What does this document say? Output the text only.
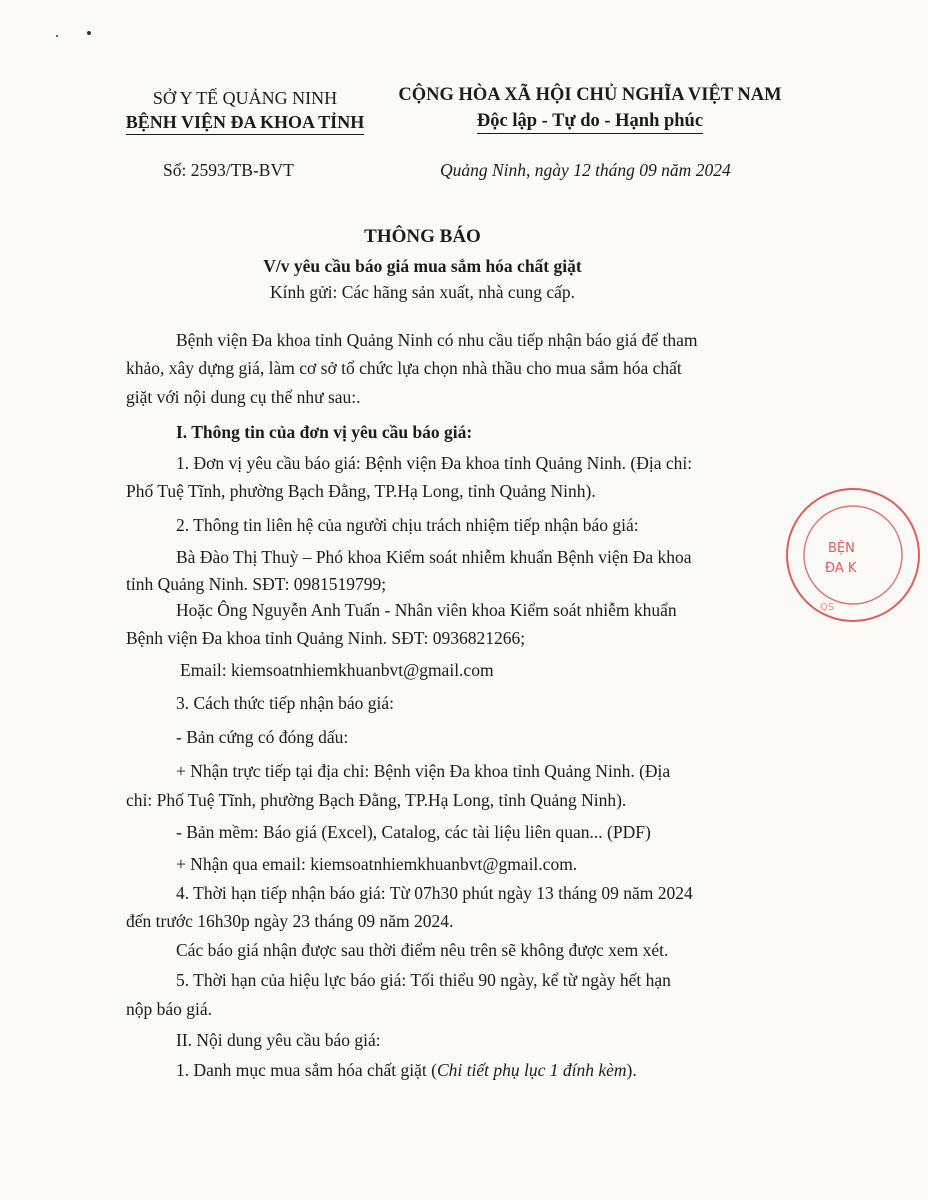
SỞ Y TẾ QUẢNG NINH
BỆNH VIỆN ĐA KHOA TỈNH
CỘNG HÒA XÃ HỘI CHỦ NGHĨA VIỆT NAM
Độc lập - Tự do - Hạnh phúc
Số: 2593/TB-BVT	Quảng Ninh, ngày 12 tháng 09 năm 2024
THÔNG BÁO
V/v yêu cầu báo giá mua sắm hóa chất giặt
Kính gửi: Các hãng sản xuất, nhà cung cấp.
Bệnh viện Đa khoa tỉnh Quảng Ninh có nhu cầu tiếp nhận báo giá để tham
khảo, xây dựng giá, làm cơ sở tổ chức lựa chọn nhà thầu cho mua sắm hóa chất
giặt với nội dung cụ thể như sau:.
I. Thông tin của đơn vị yêu cầu báo giá:
1. Đơn vị yêu cầu báo giá: Bệnh viện Đa khoa tỉnh Quảng Ninh. (Địa chỉ:
Phố Tuệ Tĩnh, phường Bạch Đằng, TP.Hạ Long, tỉnh Quảng Ninh).
2. Thông tin liên hệ của người chịu trách nhiệm tiếp nhận báo giá:
Bà Đào Thị Thuỳ – Phó khoa Kiểm soát nhiễm khuẩn Bệnh viện Đa khoa
tỉnh Quảng Ninh. SĐT: 0981519799;
Hoặc Ông Nguyễn Anh Tuấn - Nhân viên khoa Kiểm soát nhiễm khuẩn
Bệnh viện Đa khoa tỉnh Quảng Ninh. SĐT: 0936821266;
Email: kiemsoatnhiemkhuanbvt@gmail.com
3. Cách thức tiếp nhận báo giá:
- Bản cứng có đóng dấu:
+ Nhận trực tiếp tại địa chỉ: Bệnh viện Đa khoa tỉnh Quảng Ninh. (Địa
chỉ: Phố Tuệ Tĩnh, phường Bạch Đằng, TP.Hạ Long, tỉnh Quảng Ninh).
- Bản mềm: Báo giá (Excel), Catalog, các tài liệu liên quan... (PDF)
+ Nhận qua email: kiemsoatnhiemkhuanbvt@gmail.com.
4. Thời hạn tiếp nhận báo giá: Từ 07h30 phút ngày 13 tháng 09 năm 2024
đến trước 16h30p ngày 23 tháng 09 năm 2024.
Các báo giá nhận được sau thời điểm nêu trên sẽ không được xem xét.
5. Thời hạn của hiệu lực báo giá: Tối thiểu 90 ngày, kể từ ngày hết hạn
nộp báo giá.
II. Nội dung yêu cầu báo giá:
1. Danh mục mua sắm hóa chất giặt (Chi tiết phụ lục 1 đính kèm).
BỆN
ĐA K
QS
